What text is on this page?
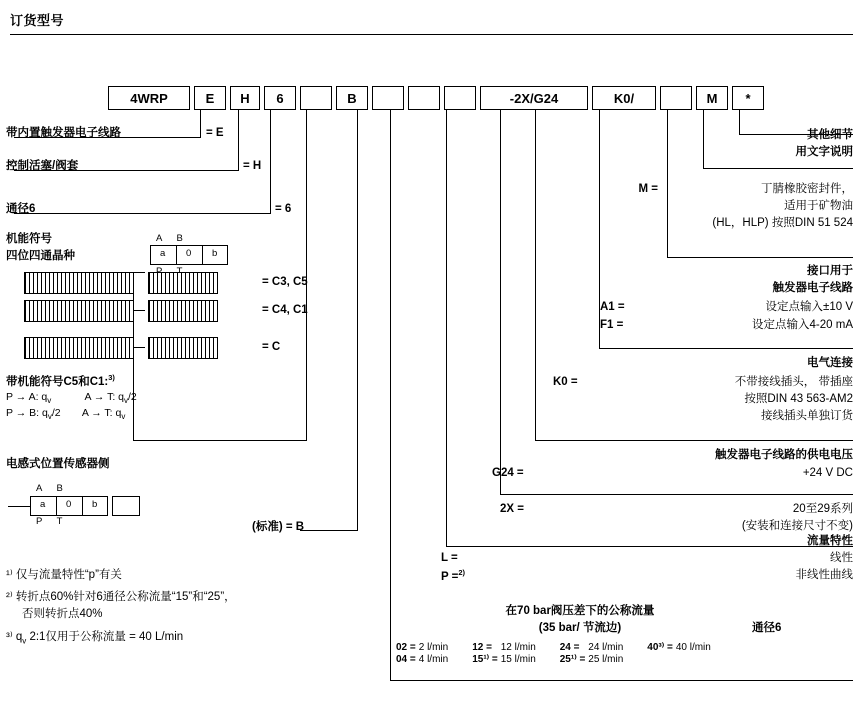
订货型号
4WRP	E	H	6	B	-2X/G24	K0/	M	*
带内置触发器电子线路	= E
控制活塞/阀套	= H
通径6	= 6
机能符号
四位四通晶种
A B
a 0 b
= C3, C5
= C4, C1
= C
带机能符号C5和C1:$^{3)}$
P → A: $q_v$	A → T: $q_v/2$
P → B: $q_v/2$ A → T: $q_v$
电感式位置传感器侧
A B
a 0 b
P T	(标准) = B
¹⁾ 仅与流量特性“p”有关
²⁾ 转折点60%针对6通径公称流量“15”和“25”，
否则转折点40%
³⁾ $q_v$ 2:1仅用于公称流量 = 40 L/min
其他细节
用文字说明
M =	丁腈橡胶密封件，
适用于矿物油
(HL，HLP) 按照DIN 51 524
接口用于
触发器电子线路
A1 =	设定点输入±10 V
F1 =	设定点输入4-20 mA
电气连接
K0 =	不带接线插头， 带插座
按照DIN 43 563-AM2
接线插头单独订货
触发器电子线路的供电电压
G24 =	+24 V DC
2X =	20至29系列
(安装和连接尺寸不变)
流量特性
线性
非线性曲线
L =
P =$^{2)}$
在70 bar阀压差下的公称流量
(35 bar/ 节流边)	通径6
02 =	2 l/min	12 =	12 l/min	24 =	24 l/min	40³⁾ =	40 l/min
04 =	4 l/min	15¹⁾ =	15 l/min	25¹⁾ =	25 l/min		
